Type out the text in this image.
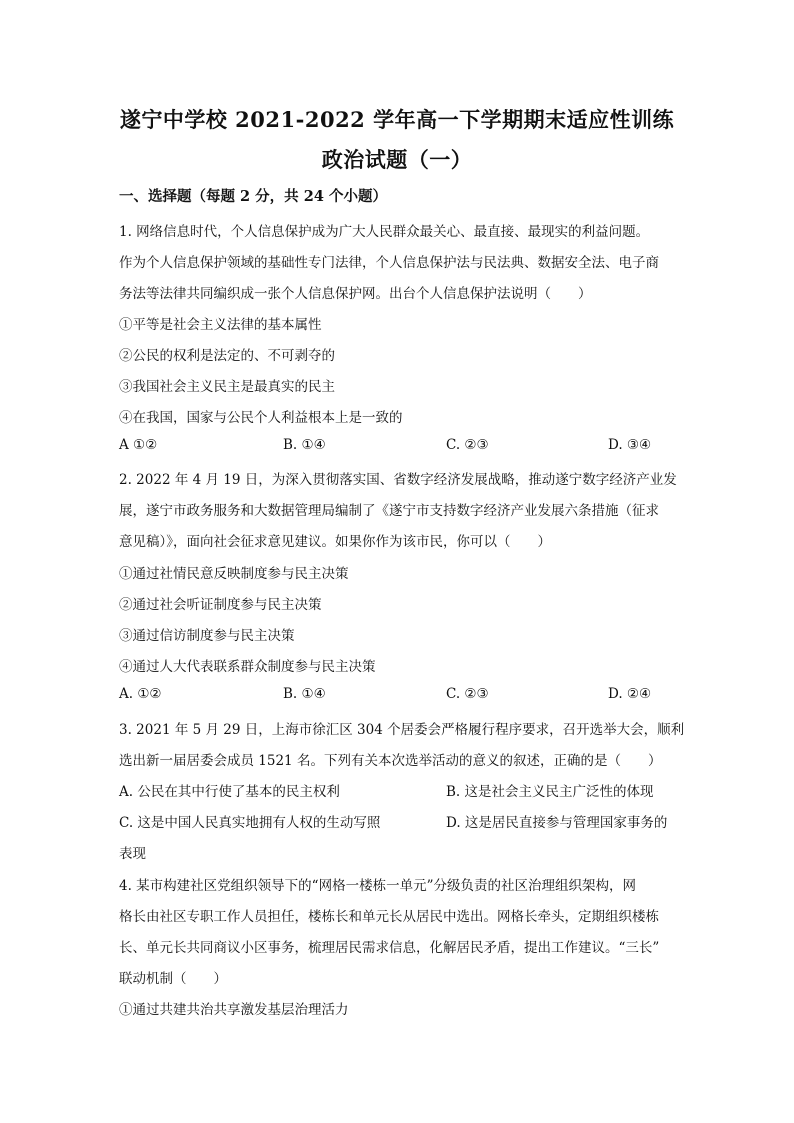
遂宁中学校 2021-2022 学年高一下学期期末适应性训练
政治试题（一）
一、选择题（每题 2 分，共 24 个小题）
1. 网络信息时代，个人信息保护成为广大人民群众最关心、最直接、最现实的利益问题。
作为个人信息保护领域的基础性专门法律，个人信息保护法与民法典、数据安全法、电子商
务法等法律共同编织成一张个人信息保护网。出台个人信息保护法说明（　　）
①平等是社会主义法律的基本属性
②公民的权利是法定的、不可剥夺的
③我国社会主义民主是最真实的民主
④在我国，国家与公民个人利益根本上是一致的
A ①②	B. ①④	C. ②③	D. ③④
2. 2022 年 4 月 19 日，为深入贯彻落实国、省数字经济发展战略，推动遂宁数字经济产业发
展，遂宁市政务服务和大数据管理局编制了《遂宁市支持数字经济产业发展六条措施（征求
意见稿）》，面向社会征求意见建议。如果你作为该市民，你可以（　　）
①通过社情民意反映制度参与民主决策
②通过社会听证制度参与民主决策
③通过信访制度参与民主决策
④通过人大代表联系群众制度参与民主决策
A. ①②	B. ①④	C. ②③	D. ②④
3. 2021 年 5 月 29 日，上海市徐汇区 304 个居委会严格履行程序要求，召开选举大会，顺利
选出新一届居委会成员 1521 名。下列有关本次选举活动的意义的叙述，正确的是（　　）
A. 公民在其中行使了基本的民主权利	B. 这是社会主义民主广泛性的体现
C. 这是中国人民真实地拥有人权的生动写照	D. 这是居民直接参与管理国家事务的
表现
4. 某市构建社区党组织领导下的“网格一楼栋一单元”分级负责的社区治理组织架构，网
格长由社区专职工作人员担任，楼栋长和单元长从居民中选出。网格长牵头，定期组织楼栋
长、单元长共同商议小区事务，梳理居民需求信息，化解居民矛盾，提出工作建议。“三长”
联动机制（　　）
①通过共建共治共享激发基层治理活力
